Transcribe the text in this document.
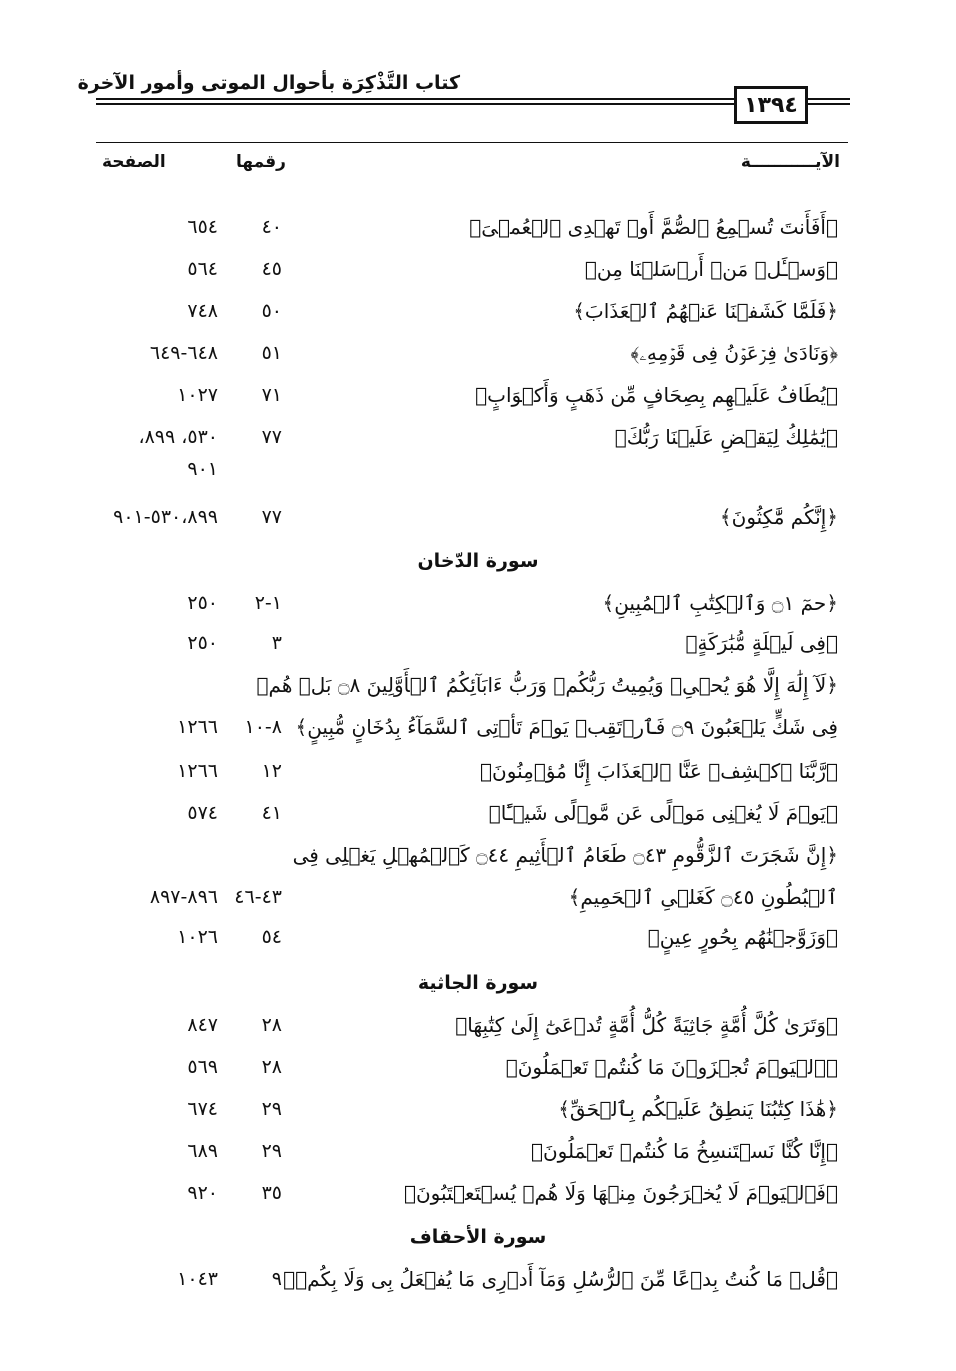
كتاب التَّذْكِرَة بأحوال الموتى وأمور الآخرة
١٣٩٤
الآيـــــــــــة
رقمها
الصفحة
﴿أَفَأَنتَ تُسۡمِعُ ٱلصُّمَّ أَوۡ تَهۡدِى ٱلۡعُمۡىَ﴾
٤٠
٦٥٤
﴿وَسۡـَٔلۡ مَنۡ أَرۡسَلۡنَا مِن﴾
٤٥
٥٦٤
﴿فَلَمَّا كَشَفۡنَا عَنۡهُمُ ٱلۡعَذَابَ﴾
٥٠
٧٤٨
﴿وَنَادَىٰ فِرۡعَوۡنُ فِى قَوۡمِهِۦ﴾
٥١
٦٤٨-٦٤٩
﴿يُطَافُ عَلَيۡهِم بِصِحَافٍ مِّن ذَهَبٍ وَأَكۡوَابٍ﴾
٧١
١٠٢٧
﴿يَٰمَٰلِكُ لِيَقۡضِ عَلَيۡنَا رَبُّكَ﴾
٧٧
٥٣٠، ٨٩٩،
٩٠١
﴿إِنَّكُم مَّٰكِثُونَ﴾
٧٧
٥٣٠،٨٩٩-٩٠١
سورة الدّخان
﴿حمٓ ۝١ وَٱلۡكِتَٰبِ ٱلۡمُبِينِ﴾
١-٢
٢٥٠
﴿فِى لَيۡلَةٍ مُّبَٰرَكَةٍ﴾
٣
٢٥٠
﴿لَآ إِلَٰهَ إِلَّا هُوَ يُحۡىِۦ وَيُمِيتُ رَبُّكُمۡ وَرَبُّ ءَابَآئِكُمُ ٱلۡأَوَّلِينَ ۝٨ بَلۡ هُمۡ
فِى شَكٍّ يَلۡعَبُونَ ۝٩ فَٱرۡتَقِبۡ يَوۡمَ تَأۡتِى ٱلسَّمَآءُ بِدُخَانٍ مُّبِينٍ﴾
٨-١٠
١٢٦٦
﴿رَّبَّنَا ٱكۡشِفۡ عَنَّا ٱلۡعَذَابَ إِنَّا مُؤۡمِنُونَ﴾
١٢
١٢٦٦
﴿يَوۡمَ لَا يُغۡنِى مَوۡلًى عَن مَّوۡلًى شَيۡـًٔا﴾
٤١
٥٧٤
﴿إِنَّ شَجَرَتَ ٱلزَّقُّومِ ۝٤٣ طَعَامُ ٱلۡأَثِيمِ ۝٤٤ كَٱلۡمُهۡلِ يَغۡلِى فِى
ٱلۡبُطُونِ ۝٤٥ كَغَلۡىِ ٱلۡحَمِيمِ﴾
٤٣-٤٦
٨٩٦-٨٩٧
﴿وَزَوَّجۡنَٰهُم بِحُورٍ عِينٍ﴾
٥٤
١٠٢٦
سورة الجاثية
﴿وَتَرَىٰ كُلَّ أُمَّةٍ جَاثِيَةً كُلُّ أُمَّةٍ تُدۡعَىٰٓ إِلَىٰ كِتَٰبِهَا﴾
٢٨
٨٤٧
﴿ٱلۡيَوۡمَ تُجۡزَوۡنَ مَا كُنتُمۡ تَعۡمَلُونَ﴾
٢٨
٥٦٩
﴿هَٰذَا كِتَٰبُنَا يَنطِقُ عَلَيۡكُم بِٱلۡحَقِّ﴾
٢٩
٦٧٤
﴿إِنَّا كُنَّا نَسۡتَنسِخُ مَا كُنتُمۡ تَعۡمَلُونَ﴾
٢٩
٦٨٩
﴿فَٱلۡيَوۡمَ لَا يُخۡرَجُونَ مِنۡهَا وَلَا هُمۡ يُسۡتَعۡتَبُونَ﴾
٣٥
٩٢٠
سورة الأحقاف
﴿قُلۡ مَا كُنتُ بِدۡعًا مِّنَ ٱلرُّسُلِ وَمَآ أَدۡرِى مَا يُفۡعَلُ بِى وَلَا بِكُمۡ﴾
٩
١٠٤٣
